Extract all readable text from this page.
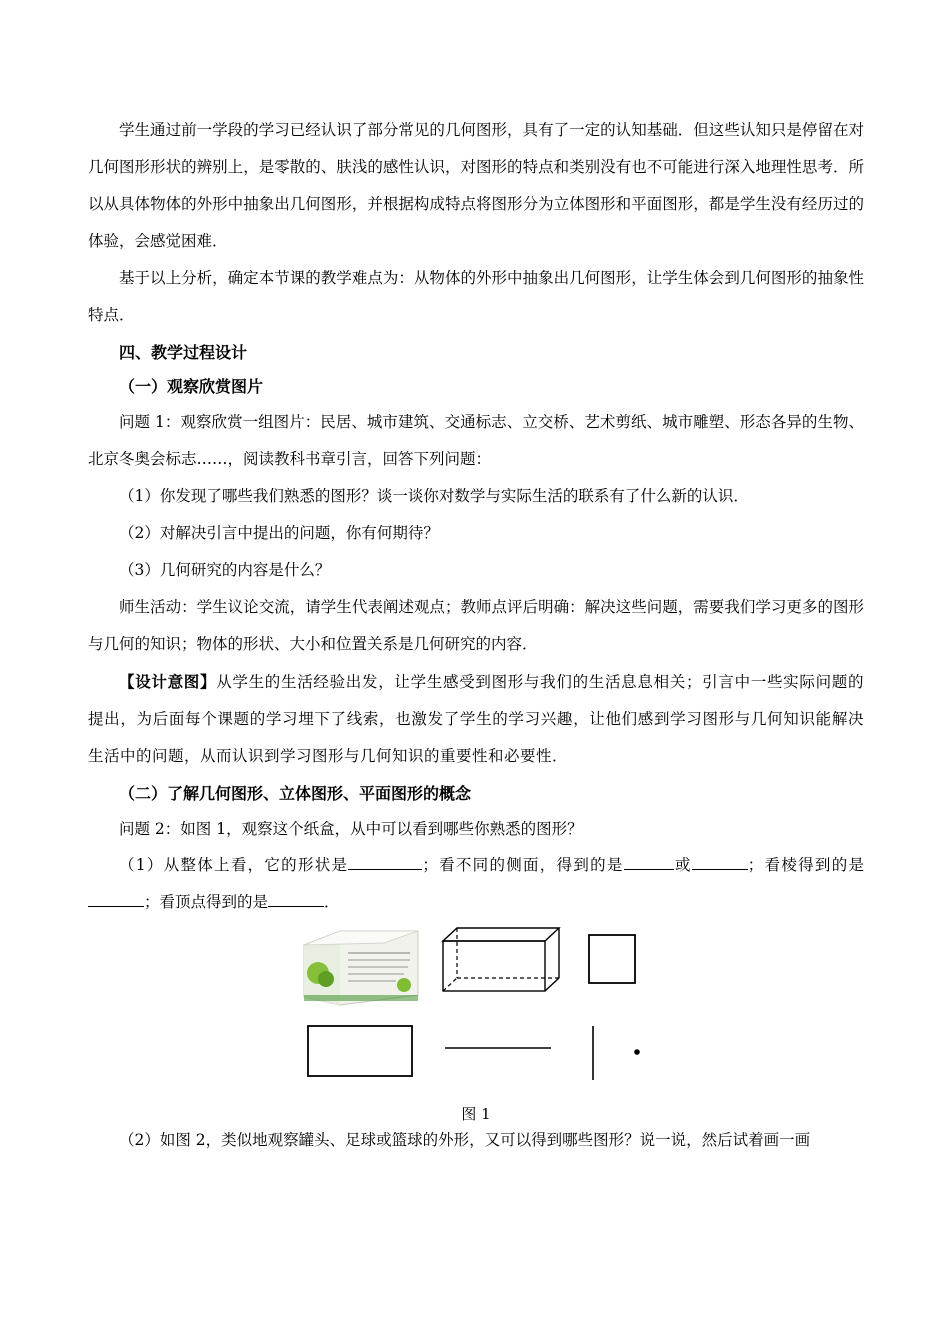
学生通过前一学段的学习已经认识了部分常见的几何图形，具有了一定的认知基础．但这些认知只是停留在对几何图形形状的辨别上，是零散的、肤浅的感性认识，对图形的特点和类别没有也不可能进行深入地理性思考．所以从具体物体的外形中抽象出几何图形，并根据构成特点将图形分为立体图形和平面图形，都是学生没有经历过的体验，会感觉困难．

基于以上分析，确定本节课的教学难点为：从物体的外形中抽象出几何图形，让学生体会到几何图形的抽象性特点．

四、教学过程设计

（一）观察欣赏图片

问题 1：观察欣赏一组图片：民居、城市建筑、交通标志、立交桥、艺术剪纸、城市雕塑、形态各异的生物、北京冬奥会标志……，阅读教科书章引言，回答下列问题：

（1）你发现了哪些我们熟悉的图形？谈一谈你对数学与实际生活的联系有了什么新的认识．

（2）对解决引言中提出的问题，你有何期待？

（3）几何研究的内容是什么？

师生活动：学生议论交流，请学生代表阐述观点；教师点评后明确：解决这些问题，需要我们学习更多的图形与几何的知识；物体的形状、大小和位置关系是几何研究的内容．

【设计意图】从学生的生活经验出发，让学生感受到图形与我们的生活息息相关；引言中一些实际问题的提出，为后面每个课题的学习埋下了线索，也激发了学生的学习兴趣，让他们感到学习图形与几何知识能解决生活中的问题，从而认识到学习图形与几何知识的重要性和必要性．

（二）了解几何图形、立体图形、平面图形的概念

问题 2：如图 1，观察这个纸盒，从中可以看到哪些你熟悉的图形？

（1）从整体上看，它的形状是	；看不同的侧面，得到的是	或	；看棱得到的是；看顶点得到的是	．

图 1

（2）如图 2，类似地观察罐头、足球或篮球的外形，又可以得到哪些图形？说一说，然后试着画一画
